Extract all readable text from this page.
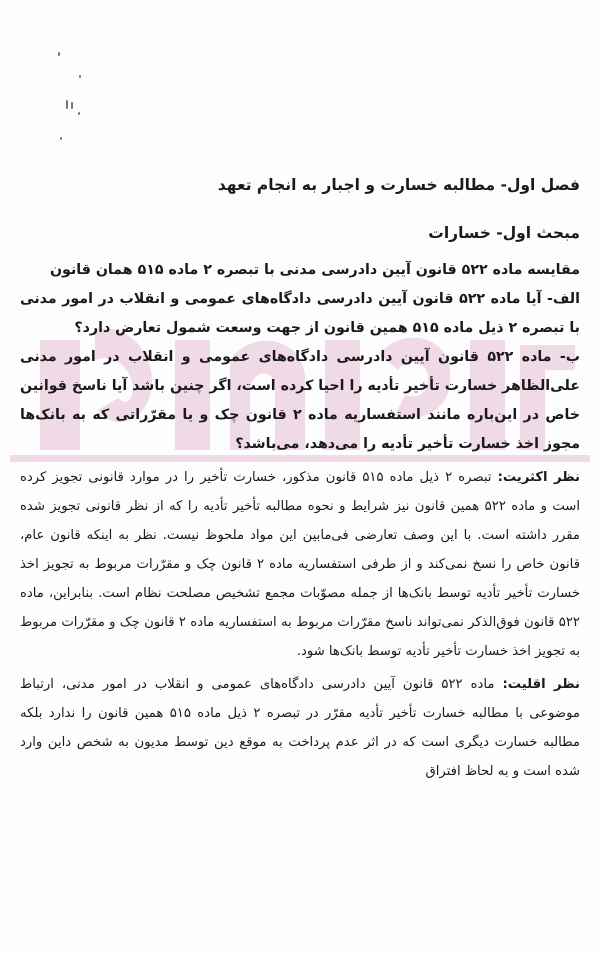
فصل اول- مطالبه خسارت و اجبار به انجام تعهد
مبحث اول- خسارات

مقایسه ماده ۵۲۲ قانون آیین دادرسی مدنی با تبصره ۲ ماده ۵۱۵ همان قانون

الف- آیا ماده ۵۲۲ قانون آیین دادرسی دادگاه‌های عمومی و انقلاب در امور مدنی با تبصره ۲ ذیل ماده ۵۱۵ همین قانون از جهت وسعت شمول تعارض دارد؟

ب- ماده ۵۲۲ قانون آیین دادرسی دادگاه‌های عمومی و انقلاب در امور مدنی علی‌الظاهر خسارت تأخیر تأدیه را احیا کرده است، اگر چنین باشد آیا ناسخ قوانین خاص در این‌باره مانند استفساریه ماده ۲ قانون چک و یا مقرّراتی که به بانک‌ها مجوز اخذ خسارت تأخیر تأدیه را می‌دهد، می‌باشد؟

نظر اکثریت: تبصره ۲ ذیل ماده ۵۱۵ قانون مذکور، خسارت تأخیر را در موارد قانونی تجویز کرده است و ماده ۵۲۲ همین قانون نیز شرایط و نحوه مطالبه تأخیر تأدیه را که از نظر قانونی تجویز شده مقرر داشته است. با این وصف تعارضی فی‌مابین این مواد ملحوظ نیست. نظر به اینکه قانون عام، قانون خاص را نسخ نمی‌کند و از طرفی استفساریه ماده ۲ قانون چک و مقرّرات مربوط به تجویز اخذ خسارت تأخیر تأدیه توسط بانک‌ها از جمله مصوّبات مجمع تشخیص مصلحت نظام است. بنابراین، ماده ۵۲۲ قانون فوق‌الذکر نمی‌تواند ناسخ مقرّرات مربوط به استفساریه ماده ۲ قانون چک و مقرّرات مربوط به تجویز اخذ خسارت تأخیر تأدیه توسط بانک‌ها شود.

نظر اقلیت: ماده ۵۲۲ قانون آیین دادرسی دادگاه‌های عمومی و انقلاب در امور مدنی، ارتباط موضوعی با مطالبه خسارت تأخیر تأدیه مقرّر در تبصره ۲ ذیل ماده ۵۱۵ همین قانون را ندارد بلکه مطالبه خسارت دیگری است که در اثر عدم پرداخت به موقع دین توسط مدیون به شخص داین وارد شده است و به لحاظ افتراق
